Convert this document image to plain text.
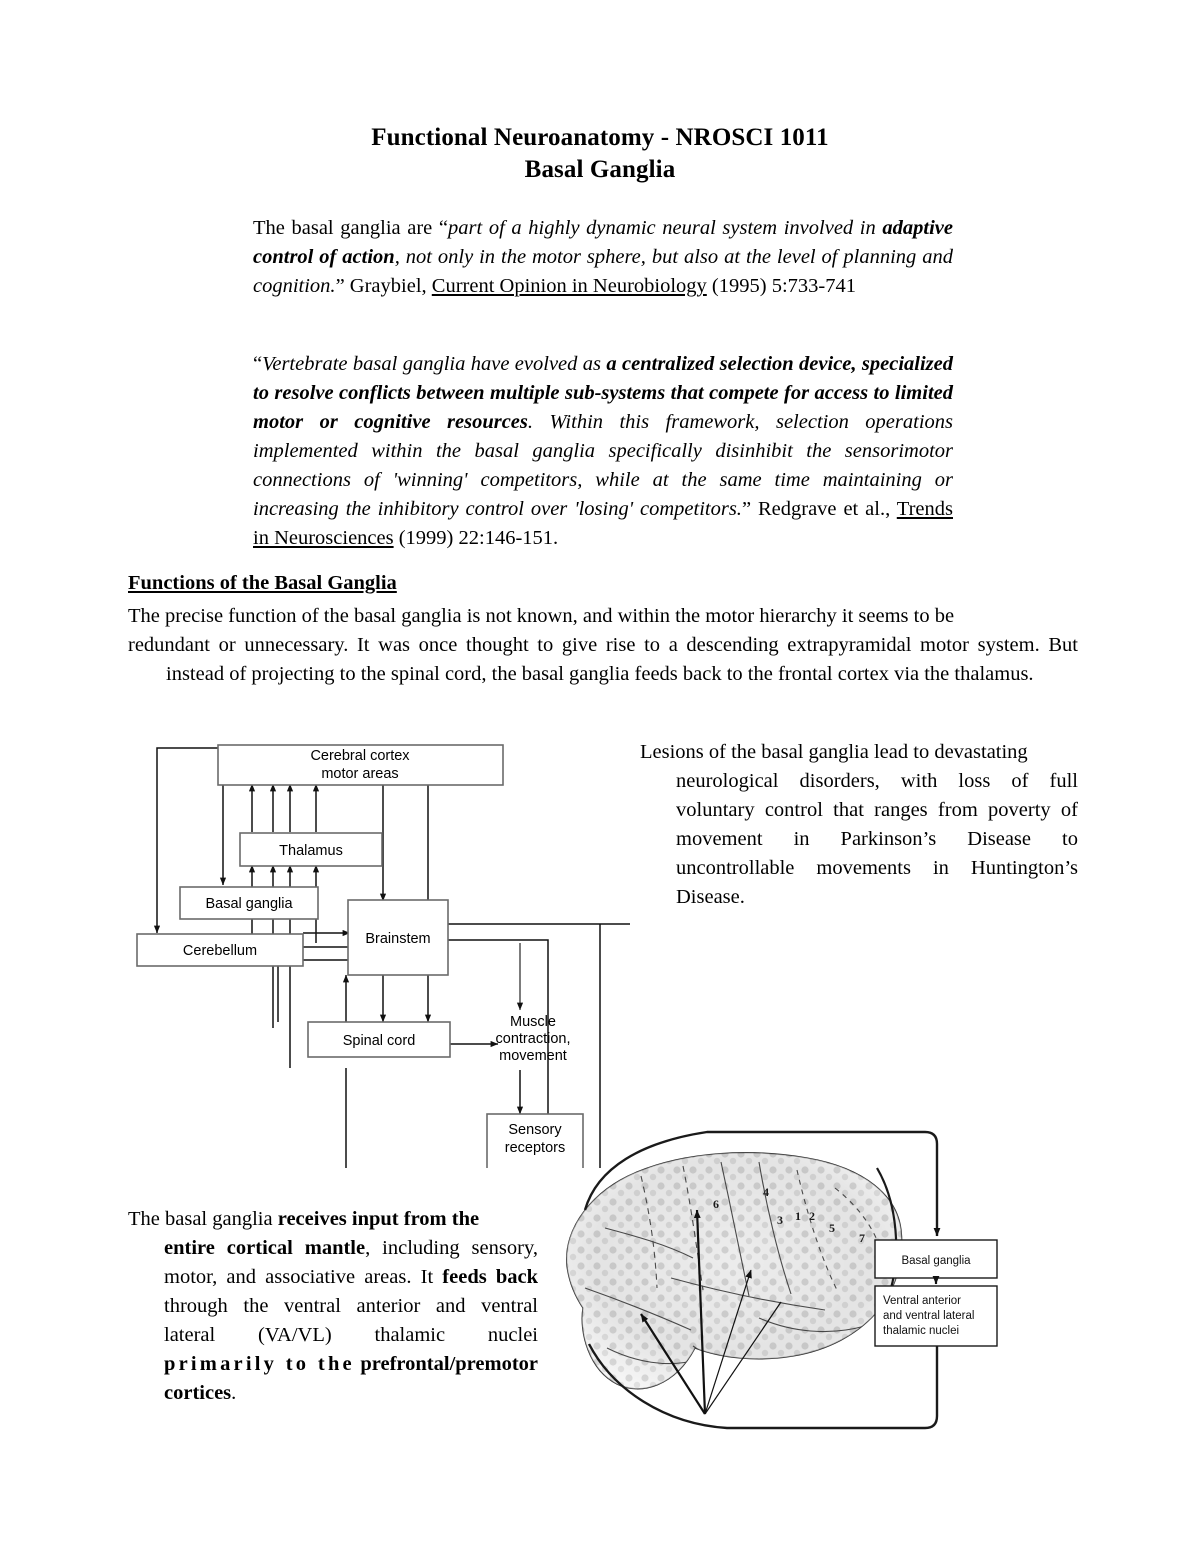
Functional Neuroanatomy - NROSCI 1011
Basal Ganglia
The basal ganglia are “part of a highly dynamic neural system involved in adaptive control of action, not only in the motor sphere, but also at the level of planning and cognition.” Graybiel, Current Opinion in Neurobiology (1995) 5:733-741
“Vertebrate basal ganglia have evolved as a centralized selection device, specialized to resolve conflicts between multiple sub-systems that compete for access to limited motor or cognitive resources. Within this framework, selection operations implemented within the basal ganglia specifically disinhibit the sensorimotor connections of 'winning' competitors, while at the same time maintaining or increasing the inhibitory control over 'losing' competitors.” Redgrave et al., Trends in Neurosciences (1999) 22:146-151.
Functions of the Basal Ganglia
The precise function of the basal ganglia is not known, and within the motor hierarchy it seems to be
redundant or unnecessary. It was once thought to give rise to a descending extrapyramidal motor system. But instead of projecting to the spinal cord, the basal ganglia feeds back to the frontal cortex via the thalamus.
Lesions of the basal ganglia lead to devastating
neurological disorders, with loss of full voluntary control that ranges from poverty of movement in Parkinson’s Disease to uncontrollable movements in Huntington’s Disease.
Cerebral cortex
motor areas
Thalamus
Basal ganglia
Cerebellum
Brainstem
Spinal cord
Sensory
receptors
Muscle
contraction,
movement
The basal ganglia receives input from the
entire cortical mantle, including sensory, motor, and associative areas. It feeds back through the ventral anterior and ventral lateral (VA/VL) thalamic nuclei primarily to the prefrontal/premotor cortices.
6
4
3 1 2
5
7
Basal ganglia
Ventral anterior
and ventral lateral
thalamic nuclei
